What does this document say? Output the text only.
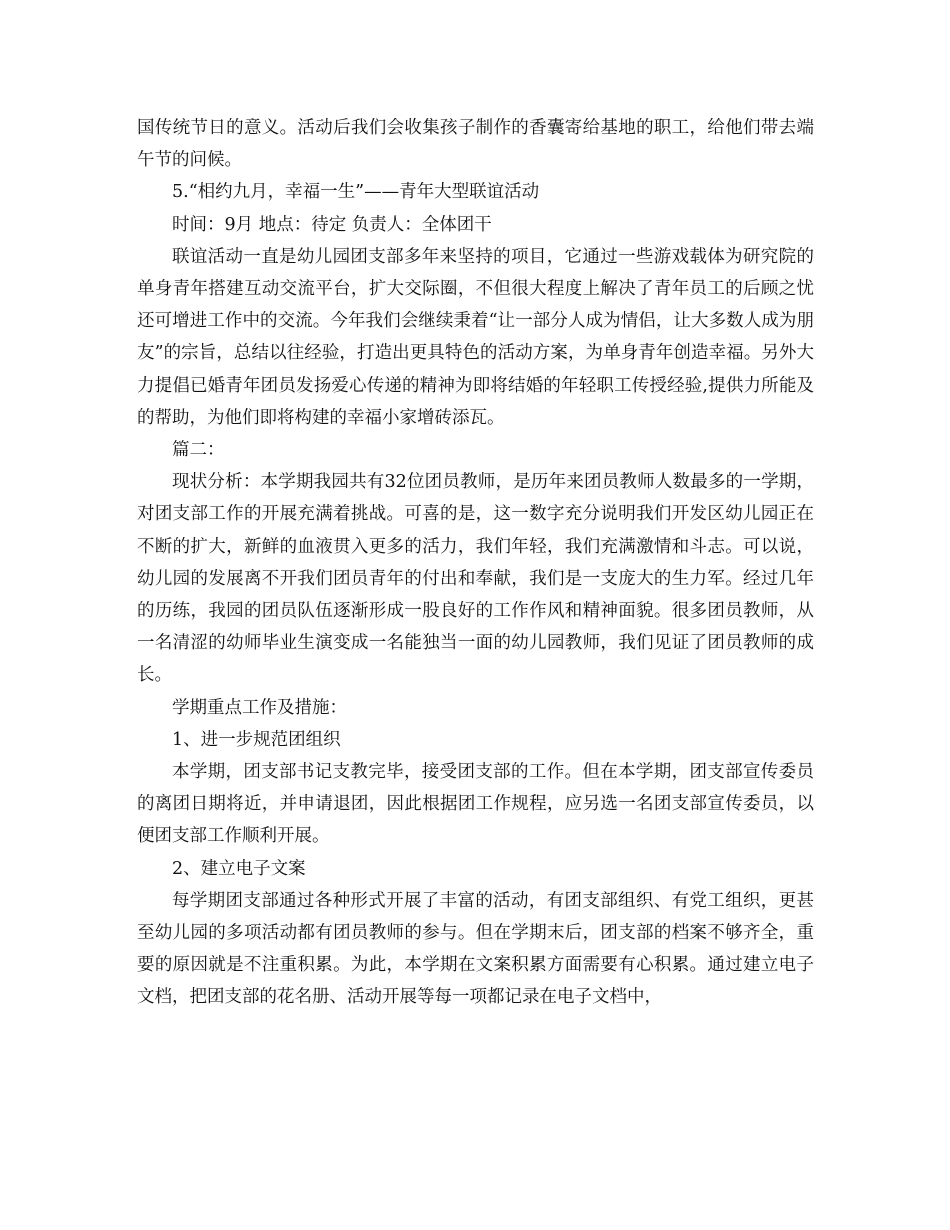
国传统节日的意义。活动后我们会收集孩子制作的香囊寄给基地的职工，给他们带去端午节的问候。

5.“相约九月，幸福一生”——青年大型联谊活动

时间：9月 地点：待定 负责人：全体团干

联谊活动一直是幼儿园团支部多年来坚持的项目，它通过一些游戏载体为研究院的单身青年搭建互动交流平台，扩大交际圈，不但很大程度上解决了青年员工的后顾之忧还可增进工作中的交流。今年我们会继续秉着“让一部分人成为情侣，让大多数人成为朋友”的宗旨，总结以往经验，打造出更具特色的活动方案，为单身青年创造幸福。另外大力提倡已婚青年团员发扬爱心传递的精神为即将结婚的年轻职工传授经验,提供力所能及的帮助，为他们即将构建的幸福小家增砖添瓦。

篇二：

现状分析：本学期我园共有32位团员教师，是历年来团员教师人数最多的一学期，对团支部工作的开展充满着挑战。可喜的是，这一数字充分说明我们开发区幼儿园正在不断的扩大，新鲜的血液贯入更多的活力，我们年轻，我们充满激情和斗志。可以说，幼儿园的发展离不开我们团员青年的付出和奉献，我们是一支庞大的生力军。经过几年的历练，我园的团员队伍逐渐形成一股良好的工作作风和精神面貌。很多团员教师，从一名清涩的幼师毕业生演变成一名能独当一面的幼儿园教师，我们见证了团员教师的成长。

学期重点工作及措施：

1、进一步规范团组织

本学期，团支部书记支教完毕，接受团支部的工作。但在本学期，团支部宣传委员的离团日期将近，并申请退团，因此根据团工作规程，应另选一名团支部宣传委员，以便团支部工作顺利开展。

2、建立电子文案

每学期团支部通过各种形式开展了丰富的活动，有团支部组织、有党工组织，更甚至幼儿园的多项活动都有团员教师的参与。但在学期末后，团支部的档案不够齐全，重要的原因就是不注重积累。为此，本学期在文案积累方面需要有心积累。通过建立电子文档，把团支部的花名册、活动开展等每一项都记录在电子文档中，
